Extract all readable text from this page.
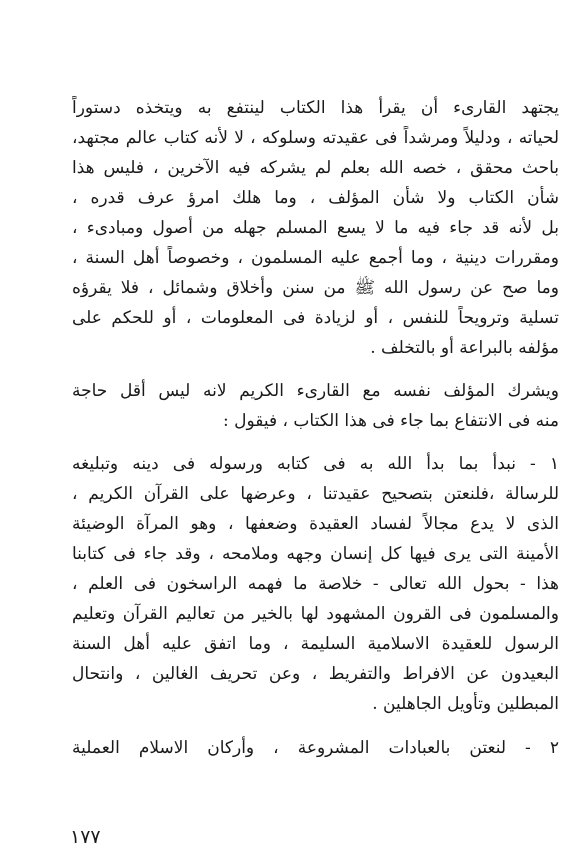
يجتهد القارىء أن يقرأ هذا الكتاب لينتفع به ويتخذه دستوراً
لحياته ، ودليلاً ومرشداً فى عقيدته وسلوكه ، لا لأنه كتاب عالم مجتهد،
باحث محقق ، خصه الله بعلم لم يشركه فيه الآخرين ، فليس هذا
شأن الكتاب ولا شأن المؤلف ، وما هلك امرؤ عرف قدره ،
بل لأنه قد جاء فيه ما لا يسع المسلم جهله من أصول ومبادىء ،
ومقررات دينية ، وما أجمع عليه المسلمون ، وخصوصاً أهل السنة ،
وما صح عن رسول الله ﷺ من سنن وأخلاق وشمائل ، فلا يقرؤه
تسلية وترويحاً للنفس ، أو لزيادة فى المعلومات ، أو للحكم على
مؤلفه بالبراعة أو بالتخلف .
ويشرك المؤلف نفسه مع القارىء الكريم لانه ليس أقل حاجة
منه فى الانتفاع بما جاء فى هذا الكتاب ، فيقول :
١ - نبدأ بما بدأ الله به فى كتابه ورسوله فى دينه وتبليغه
للرسالة ،فلنعتن بتصحيح عقيدتنا ، وعرضها على القرآن الكريم ،
الذى لا يدع مجالاً لفساد العقيدة وضعفها ، وهو المرآة الوضيئة
الأمينة التى يرى فيها كل إنسان وجهه وملامحه ، وقد جاء فى كتابنا
هذا - بحول الله تعالى - خلاصة ما فهمه الراسخون فى العلم ،
والمسلمون فى القرون المشهود لها بالخير من تعاليم القرآن وتعليم
الرسول للعقيدة الاسلامية السليمة ، وما اتفق عليه أهل السنة
البعيدون عن الافراط والتفريط ، وعن تحريف الغالين ، وانتحال
المبطلين وتأويل الجاهلين .
٢ - لنعتن بالعبادات المشروعة ، وأركان الاسلام العملية
١٧٧
